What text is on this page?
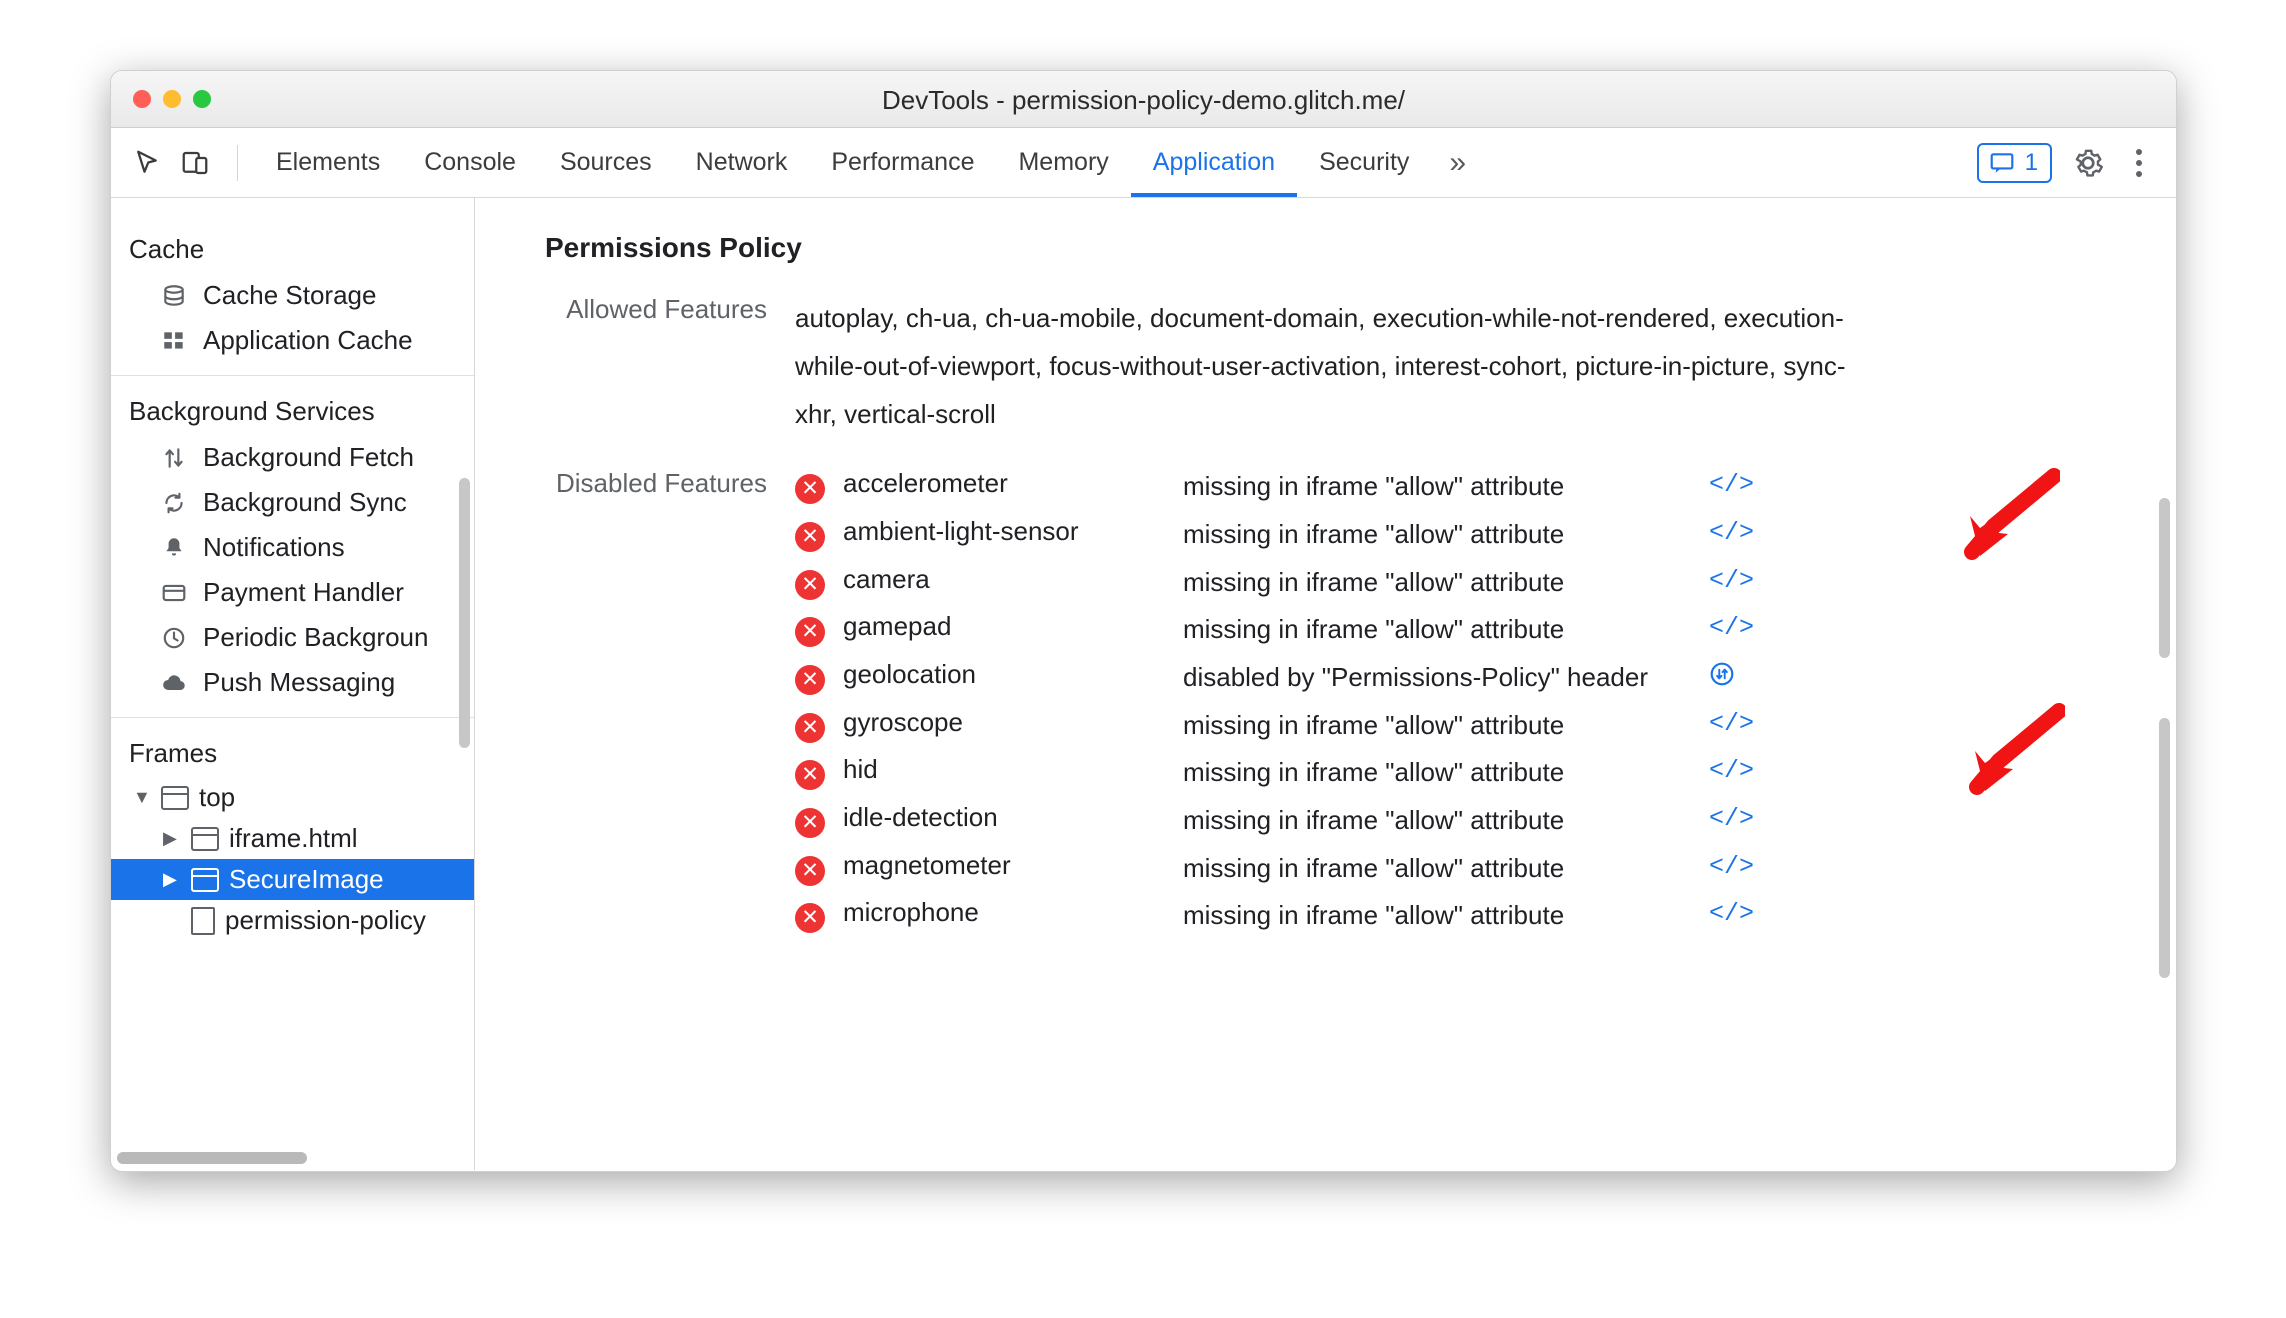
DevTools - permission-policy-demo.glitch.me/
Elements	Console	Sources	Network	Performance	Memory	Application	Security	»	1
Cache
Cache Storage
Application Cache
Background Services
Background Fetch
Background Sync
Notifications
Payment Handler
Periodic Backgroun
Push Messaging
Frames
▼ top
▶ iframe.html
▶ SecureImage
permission-policy
Permissions Policy
Allowed Features	autoplay, ch-ua, ch-ua-mobile, document-domain, execution-while-not-rendered, execution-while-out-of-viewport, focus-without-user-activation, interest-cohort, picture-in-picture, sync-xhr, vertical-scroll
Disabled Features	✕ accelerometer	missing in iframe "allow" attribute	</>
✕ ambient-light-sensor	missing in iframe "allow" attribute	</>
✕ camera	missing in iframe "allow" attribute	</>
✕ gamepad	missing in iframe "allow" attribute	</>
✕ geolocation	disabled by "Permissions-Policy" header
✕ gyroscope	missing in iframe "allow" attribute	</>
✕ hid	missing in iframe "allow" attribute	</>
✕ idle-detection	missing in iframe "allow" attribute	</>
✕ magnetometer	missing in iframe "allow" attribute	</>
✕ microphone	missing in iframe "allow" attribute	</>
